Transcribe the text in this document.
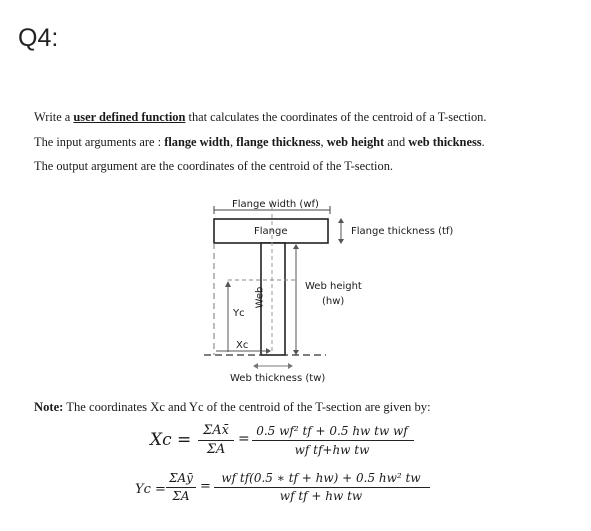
Q4:
Write a user defined function that calculates the coordinates of the centroid of a T-section.
The input arguments are : flange width, flange thickness, web height and web thickness.
The output argument are the coordinates of the centroid of the T-section.
Flange width (wf)
Flange	Flange thickness (tf)
Web height
(hw)
Web
Yc
Xc
Web thickness (tw)
Note: The coordinates Xc and Yc of the centroid of the T-section are given by:
Xc = ΣAx̄
ΣA
= 0.5 wf² tf + 0.5 hw tw wf
wf tf+hw tw
Yc =
ΣAȳ
ΣA
=
wf tf(0.5 ∗ tf + hw) + 0.5 hw² tw
wf tf + hw tw
